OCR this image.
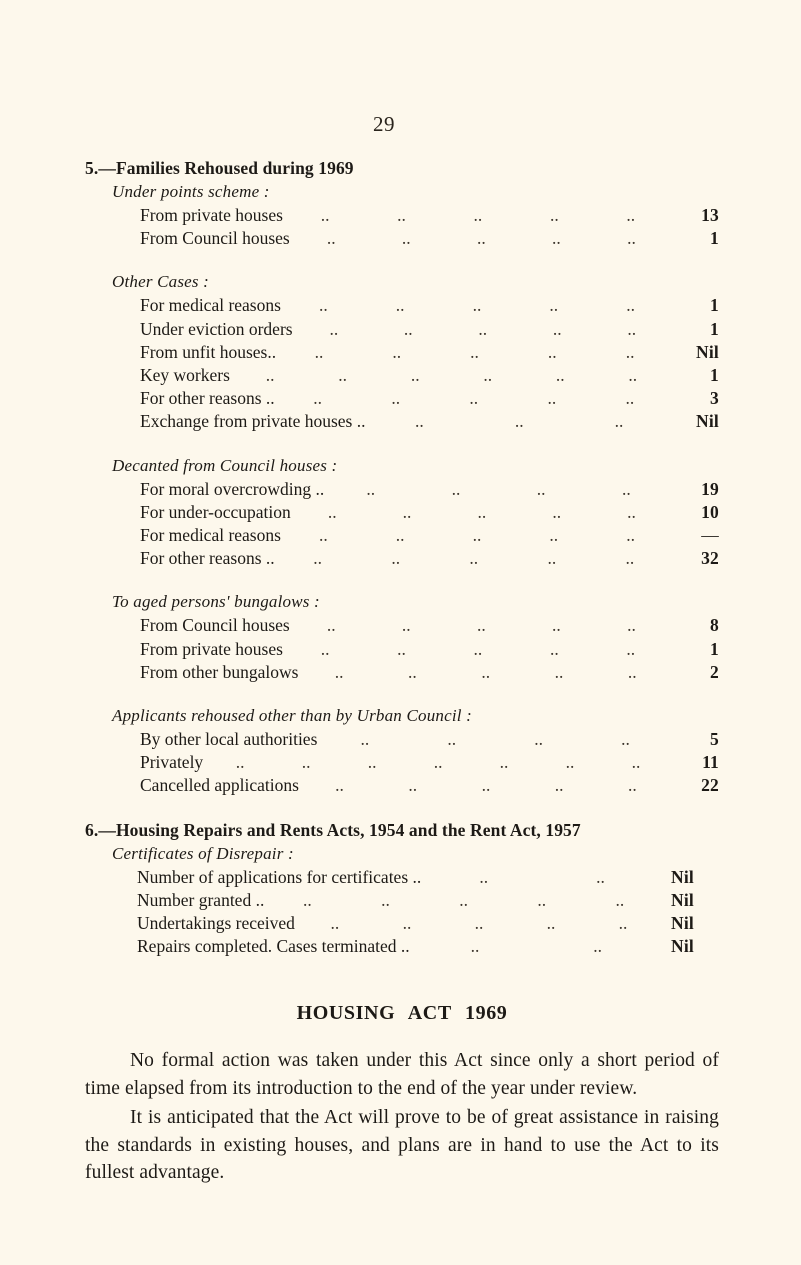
29
5.—Families Rehoused during 1969
Under points scheme :
From private houses ..	..	..	..	..	13
From Council houses ..	..	..	..	..	1
Other Cases :
For medical reasons ..	..	..	..	..	1
Under eviction orders ..	..	..	..	..	1
From unfit houses.. ..	..	..	..	..	Nil
Key workers ..	..	..	..	..	..	1
For other reasons .. ..	..	..	..	..	3
Exchange from private houses ..	..	..	..	Nil
Decanted from Council houses :
For moral overcrowding .. ..	..	..	..	19
For under-occupation ..	..	..	..	..	10
For medical reasons ..	..	..	..	..	—
For other reasons .. ..	..	..	..	..	32
To aged persons' bungalows :
From Council houses ..	..	..	..	..	8
From private houses ..	..	..	..	..	1
From other bungalows ..	..	..	..	..	2
Applicants rehoused other than by Urban Council :
By other local authorities ..	..	..	..	5
Privately ..	..	..	..	..	..	..	11
Cancelled applications ..	..	..	..	..	22
6.—Housing Repairs and Rents Acts, 1954 and the Rent Act, 1957
Certificates of Disrepair :
Number of applications for certificates ..	..	..	Nil
Number granted .. ..	..	..	..	..	Nil
Undertakings received ..	..	..	..	..	Nil
Repairs completed. Cases terminated ..	..	..	Nil
HOUSING ACT 1969

No formal action was taken under this Act since only a short period of time elapsed from its introduction to the end of the year under review.

It is anticipated that the Act will prove to be of great assistance in raising the standards in existing houses, and plans are in hand to use the Act to its fullest advantage.
